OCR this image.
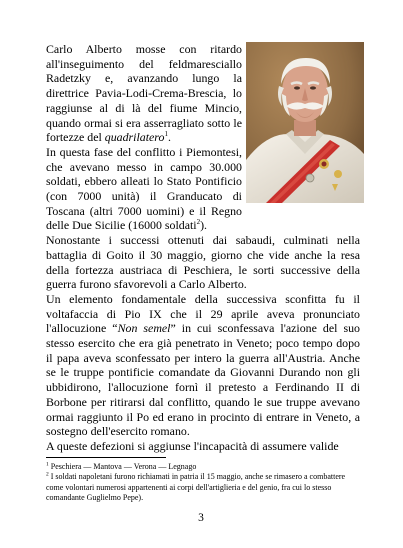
Carlo Alberto mosse con ritardo all'inseguimento del feldmaresciallo Radetzky e, avanzando lungo la direttrice Pavia-Lodi-Crema-Brescia, lo raggiunse al di là del fiume Mincio, quando ormai si era asserragliato sotto le fortezze del quadrilatero$^1$.

In questa fase del conflitto i Piemontesi, che avevano messo in campo 30.000 soldati, ebbero alleati lo Stato Pontificio (con 7000 unità) il Granducato di Toscana (altri 7000 uomini) e il Regno delle Due Sicilie (16000 soldati$^2$).

Nonostante i successi ottenuti dai sabaudi, culminati nella battaglia di Goito il 30 maggio, giorno che vide anche la resa della fortezza austriaca di Peschiera, le sorti successive della guerra furono sfavorevoli a Carlo Alberto.

Un elemento fondamentale della successiva sconfitta fu il voltafaccia di Pio IX che il 29 aprile aveva pronunciato l'allocuzione “Non semel” in cui sconfessava l'azione del suo stesso esercito che era già penetrato in Veneto; poco tempo dopo il papa aveva sconfessato per intero la guerra all'Austria. Anche se le truppe pontificie comandate da Giovanni Durando non gli ubbidirono, l'allocuzione fornì il pretesto a Ferdinando II di Borbone per ritirarsi dal conflitto, quando le sue truppe avevano ormai raggiunto il Po ed erano in procinto di entrare in Veneto, a sostegno dell'esercito romano.

A queste defezioni si aggiunse l'incapacità di assumere valide

$^1$ Peschiera — Mantova — Verona — Legnago

$^2$ I soldati napoletani furono richiamati in patria il 15 maggio, anche se rimasero a combattere come volontari numerosi appartenenti ai corpi dell'artiglieria e del genio, fra cui lo stesso comandante Guglielmo Pepe).

3
